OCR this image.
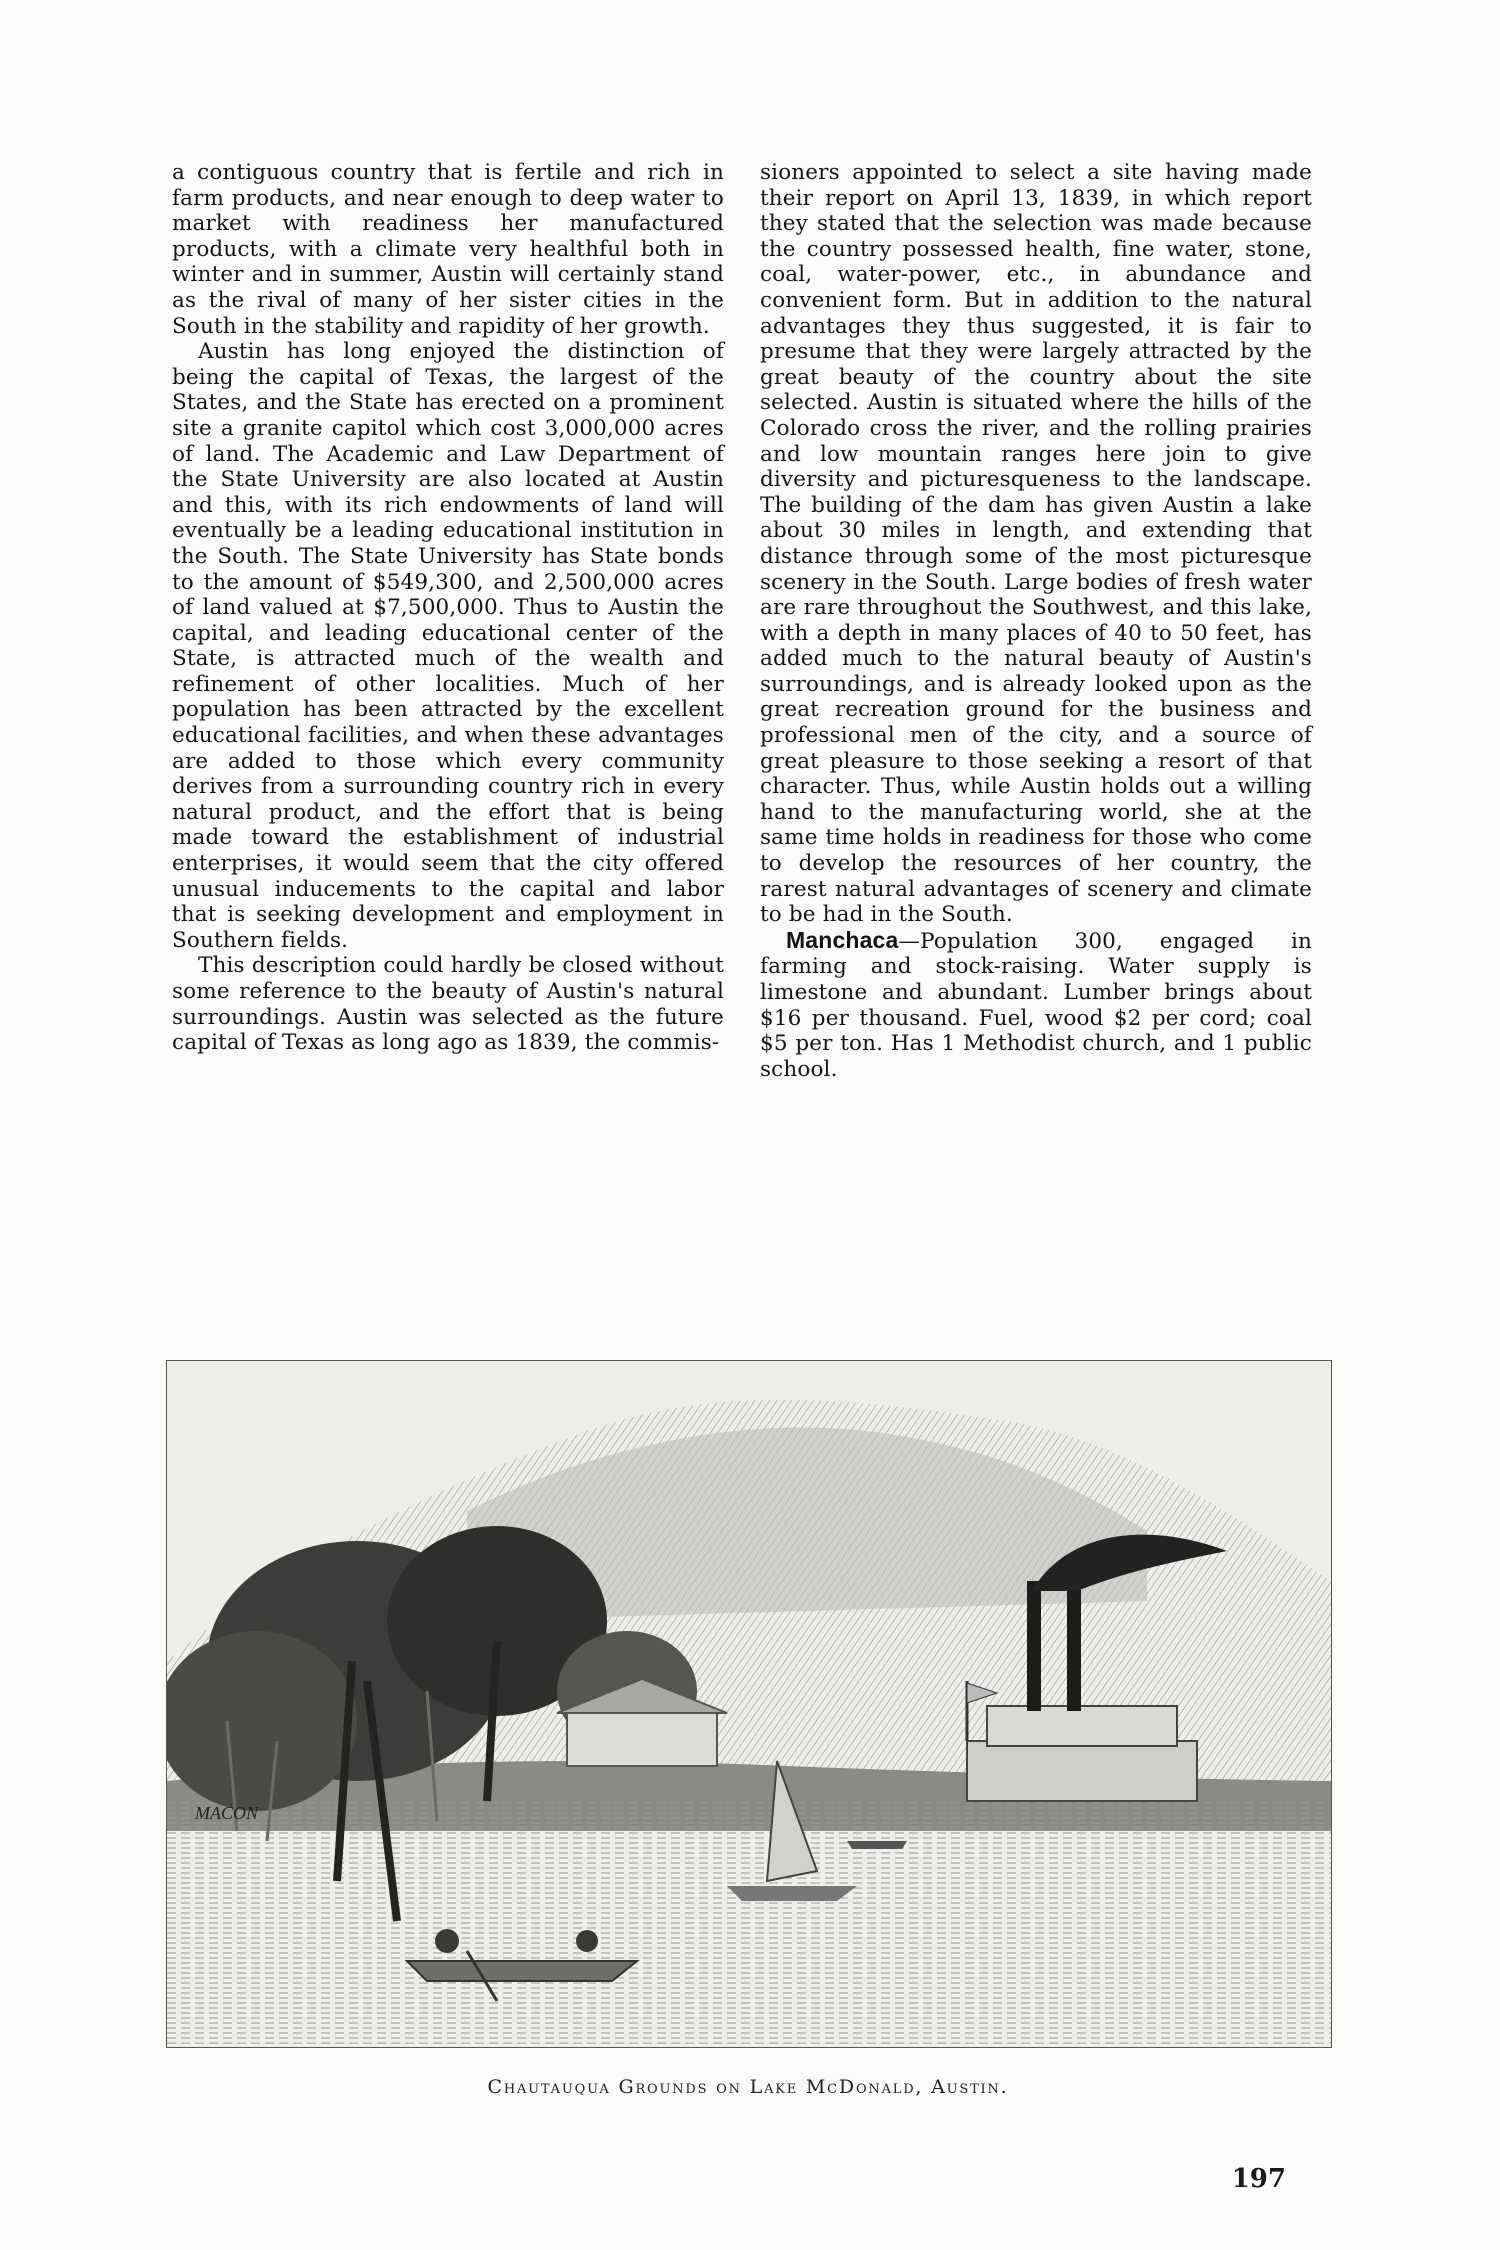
a contiguous country that is fertile and rich in farm products, and near enough to deep water to market with readiness her manufactured products, with a climate very healthful both in winter and in summer, Austin will certainly stand as the rival of many of her sister cities in the South in the stability and rapidity of her growth.

Austin has long enjoyed the distinction of being the capital of Texas, the largest of the States, and the State has erected on a prominent site a granite capitol which cost 3,000,000 acres of land. The Academic and Law Department of the State University are also located at Austin and this, with its rich endowments of land will eventually be a leading educational institution in the South. The State University has State bonds to the amount of $549,300, and 2,500,000 acres of land valued at $7,500,000. Thus to Austin the capital, and leading educational center of the State, is attracted much of the wealth and refinement of other localities. Much of her population has been attracted by the excellent educational facilities, and when these advantages are added to those which every community derives from a surrounding country rich in every natural product, and the effort that is being made toward the establishment of industrial enterprises, it would seem that the city offered unusual inducements to the capital and labor that is seeking development and employment in Southern fields.

This description could hardly be closed without some reference to the beauty of Austin's natural surroundings. Austin was selected as the future capital of Texas as long ago as 1839, the commis-

sioners appointed to select a site having made their report on April 13, 1839, in which report they stated that the selection was made because the country possessed health, fine water, stone, coal, water-power, etc., in abundance and convenient form. But in addition to the natural advantages they thus suggested, it is fair to presume that they were largely attracted by the great beauty of the country about the site selected. Austin is situated where the hills of the Colorado cross the river, and the rolling prairies and low mountain ranges here join to give diversity and picturesqueness to the landscape. The building of the dam has given Austin a lake about 30 miles in length, and extending that distance through some of the most picturesque scenery in the South. Large bodies of fresh water are rare throughout the Southwest, and this lake, with a depth in many places of 40 to 50 feet, has added much to the natural beauty of Austin's surroundings, and is already looked upon as the great recreation ground for the business and professional men of the city, and a source of great pleasure to those seeking a resort of that character. Thus, while Austin holds out a willing hand to the manufacturing world, she at the same time holds in readiness for those who come to develop the resources of her country, the rarest natural advantages of scenery and climate to be had in the South.

Manchaca—Population 300, engaged in farming and stock-raising. Water supply is limestone and abundant. Lumber brings about $16 per thousand. Fuel, wood $2 per cord; coal $5 per ton. Has 1 Methodist church, and 1 public school.

MACON
Chautauqua Grounds on Lake McDonald, Austin.
197
